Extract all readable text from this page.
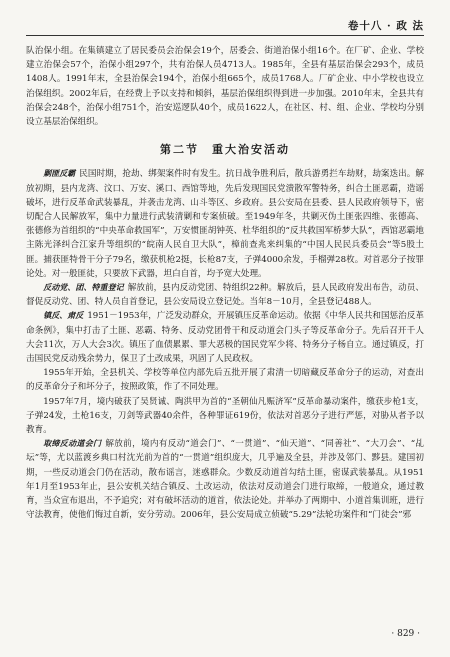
卷十八 · 政 法

队治保小组。在集镇建立了居民委员会治保会19个，居委会、街道治保小组16个。在厂矿、企业、学校建立治保会57个，治保小组297个，共有治保人员4713人。1985年，全县有基层治保会293个，成员1408人。1991年末，全县治保会194个，治保小组665个，成员1768人。厂矿企业、中小学校也设立治保组织。2002年后，在经费上予以支持和倾斜，基层治保组织得到进一步加强。2010年末，全县共有治保会248个，治保小组751个，治安巡逻队40个，成员1622人，在社区、村、组、企业、学校均分别设立基层治保组织。

第二节　重大治安活动

剿匪反霸 民国时期，抢劫、绑架案件时有发生。抗日战争胜利后，散兵游勇拦车劫财，劫案迭出。解放初期，县内龙湾、汶口、万安、溪口、西馆等地，先后发现国民党溃散军警特务，纠合土匪恶霸，造谣破坏，进行反革命武装暴乱，并袭击龙湾、山斗等区、乡政府。县公安局在县委、县人民政府领导下，密切配合人民解放军，集中力量进行武装清剿和专案侦破。至1949年冬，共剿灭伪土匪张四维、张德高、张德修为首组织的“中央革命救国军”，万安惯匪胡钟英、杜华组织的“反共救国军桥梦大队”，西馆恶霸地主陈光泽纠合江家升等组织的“皖南人民自卫大队”，樟前查兆来纠集的“中国人民民兵委员会”等5股土匪。捕获匪特骨干分子79名，缴获机枪2挺，长枪87支，子弹4000余发，手榴弹28枚。对首恶分子按罪论处。对一般匪徒，只要放下武器，坦白自首，均予宽大处理。

反动党、团、特重登记 解放前，县内反动党团、特组织22种。解放后，县人民政府发出布告，动员、督促反动党、团、特人员自首登记，县公安局设立登记处。当年8－10月，全县登记488人。

镇反、肃反 1951－1953年，广泛发动群众，开展镇压反革命运动。依据《中华人民共和国惩治反革命条例》，集中打击了土匪、恶霸、特务、反动党团骨干和反动道会门头子等反革命分子。先后召开千人大会11次，万人大会3次。镇压了血债累累、罪大恶极的国民党军少将、特务分子杨自立。通过镇反，打击国民党反动残余势力，保卫了土改成果，巩固了人民政权。

1955年开始，全县机关、学校等单位内部先后五批开展了肃清一切暗藏反革命分子的运动，对查出的反革命分子和坏分子，按照政策，作了不同处理。

1957年7月，境内破获了吴贤诚、陶洪甲为首的“圣朝仙凡赈济军”反革命暴动案件，缴获步枪1支，子弹24发，土枪16支，刀剑等武器40余件，各种罪证619份，依法对首恶分子进行严惩，对胁从者予以教育。

取缔反动道会门 解放前，境内有反动“道会门”、“一贯道”、“仙天道”、“同善社”、“大刀会”、“乩坛”等，尤以蓝渡乡典口村沈光前为首的“一贯道”组织庞大，几乎遍及全县，并涉及邻门、黟县。建国初期，一些反动道会门仍在活动，散布谣言，迷惑群众。少数反动道首勾结土匪，密谋武装暴乱。从1951年1月至1953年止，县公安机关结合镇反、土改运动，依法对反动道会门进行取缔，一般道众，通过教育，当众宣布退出，不予追究；对有破坏活动的道首，依法论处。并举办了两期中、小道首集训班，进行守法教育，使他们悔过自新，安分劳动。2006年，县公安局成立侦破“5.29”法轮功案件和“门徒会”邪

· 829 ·
